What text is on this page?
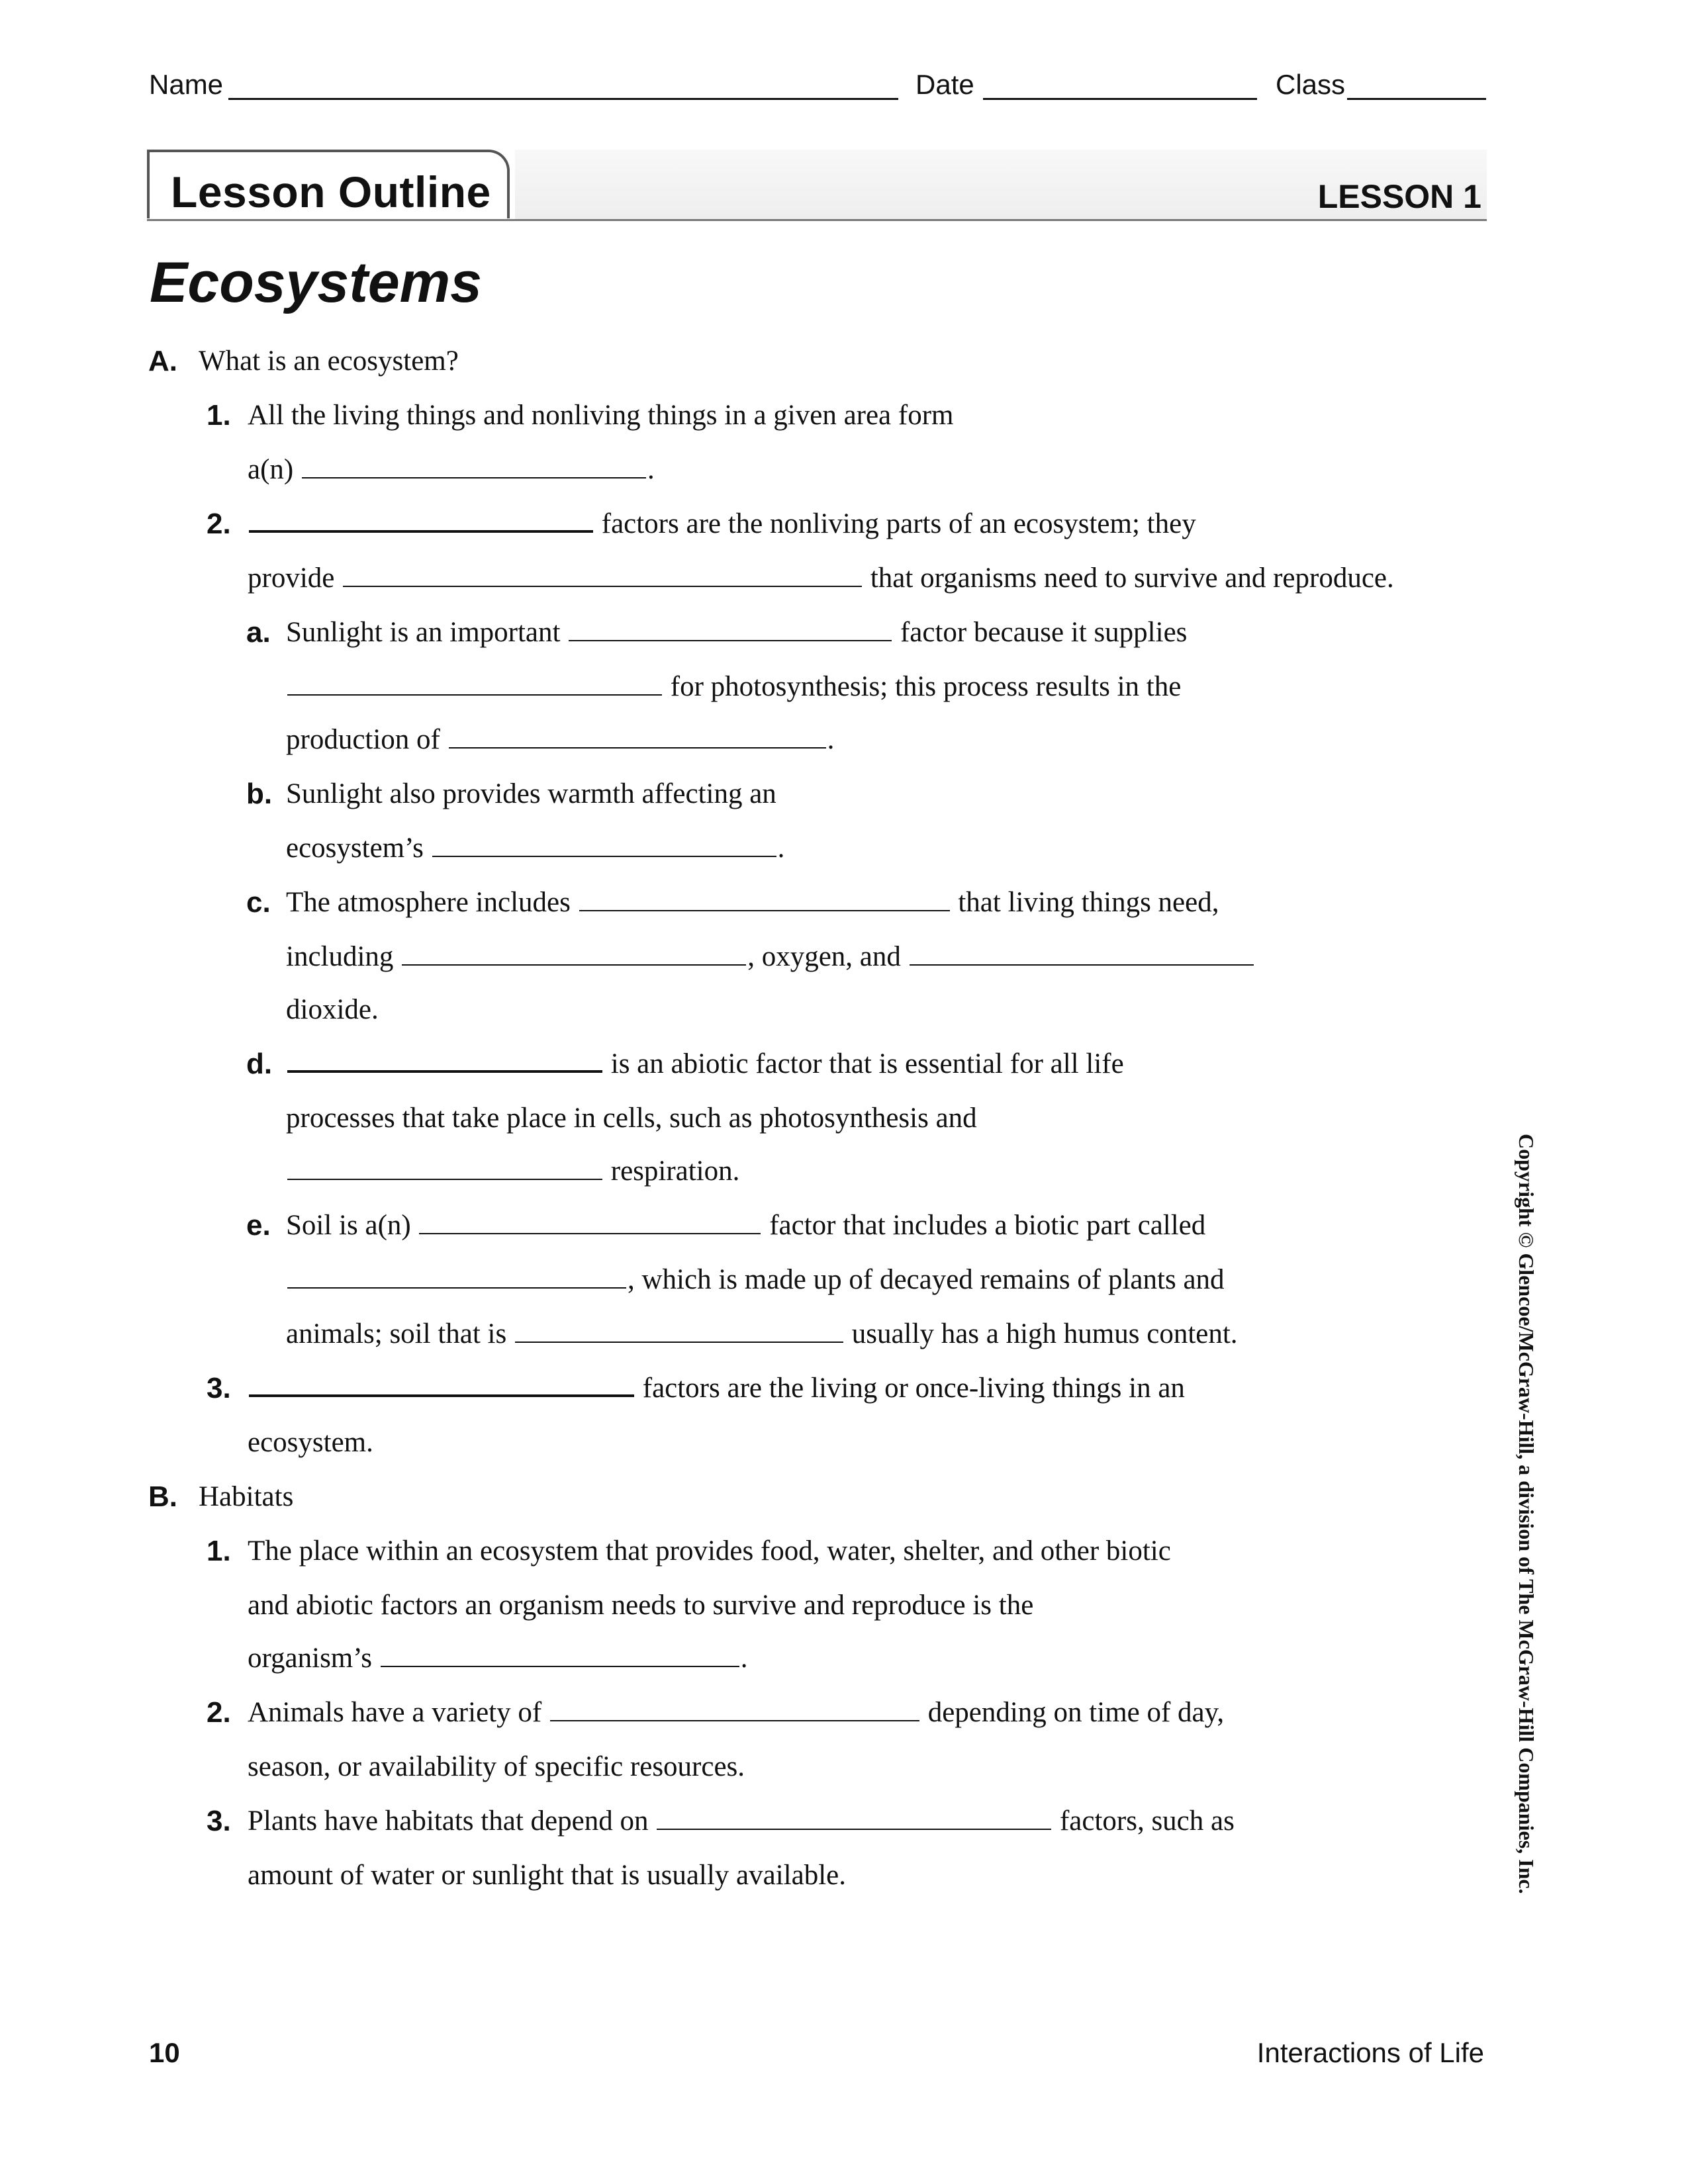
Name	Date	Class
Lesson Outline	LESSON 1
Ecosystems
A. What is an ecosystem?
1. All the living things and nonliving things in a given area form
a(n)	.
2.	factors are the nonliving parts of an ecosystem; they
provide	that organisms need to survive and reproduce.
a. Sunlight is an important	factor because it supplies
for photosynthesis; this process results in the
production of	.
b. Sunlight also provides warmth affecting an
ecosystem’s	.
c. The atmosphere includes	that living things need,
including	, oxygen, and
dioxide.
d.	is an abiotic factor that is essential for all life
processes that take place in cells, such as photosynthesis and
respiration.
e. Soil is a(n)	factor that includes a biotic part called
, which is made up of decayed remains of plants and
animals; soil that is	usually has a high humus content.
3.	factors are the living or once-living things in an
ecosystem.
B. Habitats
1. The place within an ecosystem that provides food, water, shelter, and other biotic
and abiotic factors an organism needs to survive and reproduce is the
organism’s	.
2. Animals have a variety of	depending on time of day,
season, or availability of specific resources.
3. Plants have habitats that depend on	factors, such as
amount of water or sunlight that is usually available.	Copyright © Glencoe/McGraw-Hill, a division of The McGraw-Hill Companies, Inc.
10	Interactions of Life
